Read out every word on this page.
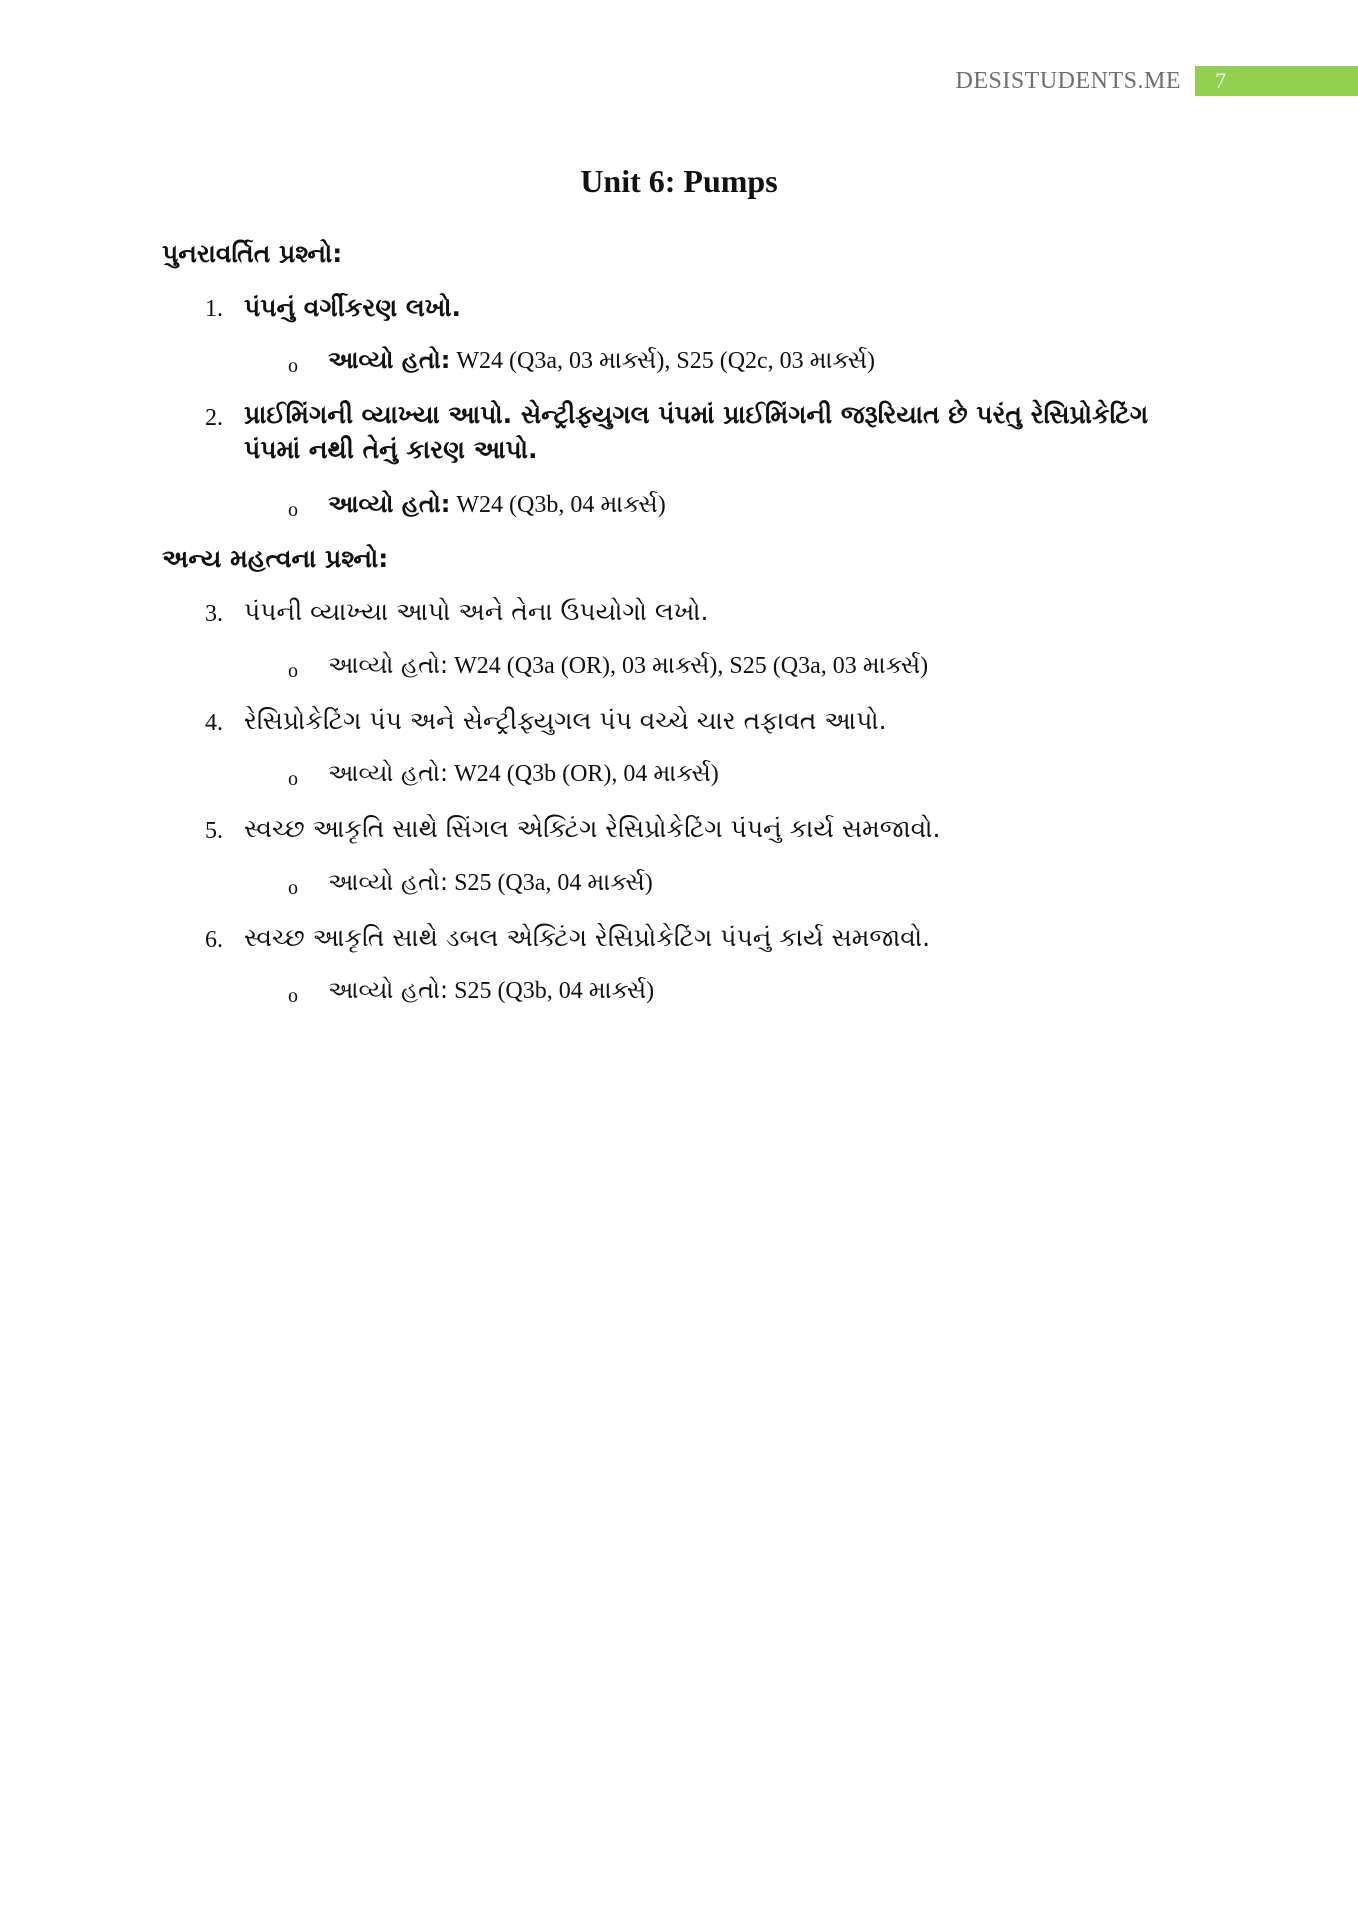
DESISTUDENTS.ME	7
Unit 6: Pumps
પુનરાવર્તિત પ્રશ્નો:
1. પંપનું વર્ગીકરણ લખો.
o આવ્યો હતો: W24 (Q3a, 03 માર્ક્સ), S25 (Q2c, 03 માર્ક્સ)
2. પ્રાઈમિંગની વ્યાખ્યા આપો. સેન્ટ્રીફ્યુગલ પંપમાં પ્રાઈમિંગની જરૂરિયાત છે પરંતુ રેસિપ્રોકેટિંગ પંપમાં નથી તેનું કારણ આપો.
o આવ્યો હતો: W24 (Q3b, 04 માર્ક્સ)
અન્ય મહત્વના પ્રશ્નો:
3. પંપની વ્યાખ્યા આપો અને તેના ઉપયોગો લખો.
o આવ્યો હતો: W24 (Q3a (OR), 03 માર્ક્સ), S25 (Q3a, 03 માર્ક્સ)
4. રેસિપ્રોકેટિંગ પંપ અને સેન્ટ્રીફ્યુગલ પંપ વચ્ચે ચાર તફાવત આપો.
o આવ્યો હતો: W24 (Q3b (OR), 04 માર્ક્સ)
5. સ્વચ્છ આકૃતિ સાથે સિંગલ એક્ટિંગ રેસિપ્રોકેટિંગ પંપનું કાર્ય સમજાવો.
o આવ્યો હતો: S25 (Q3a, 04 માર્ક્સ)
6. સ્વચ્છ આકૃતિ સાથે ડબલ એક્ટિંગ રેસિપ્રોકેટિંગ પંપનું કાર્ય સમજાવો.
o આવ્યો હતો: S25 (Q3b, 04 માર્ક્સ)
